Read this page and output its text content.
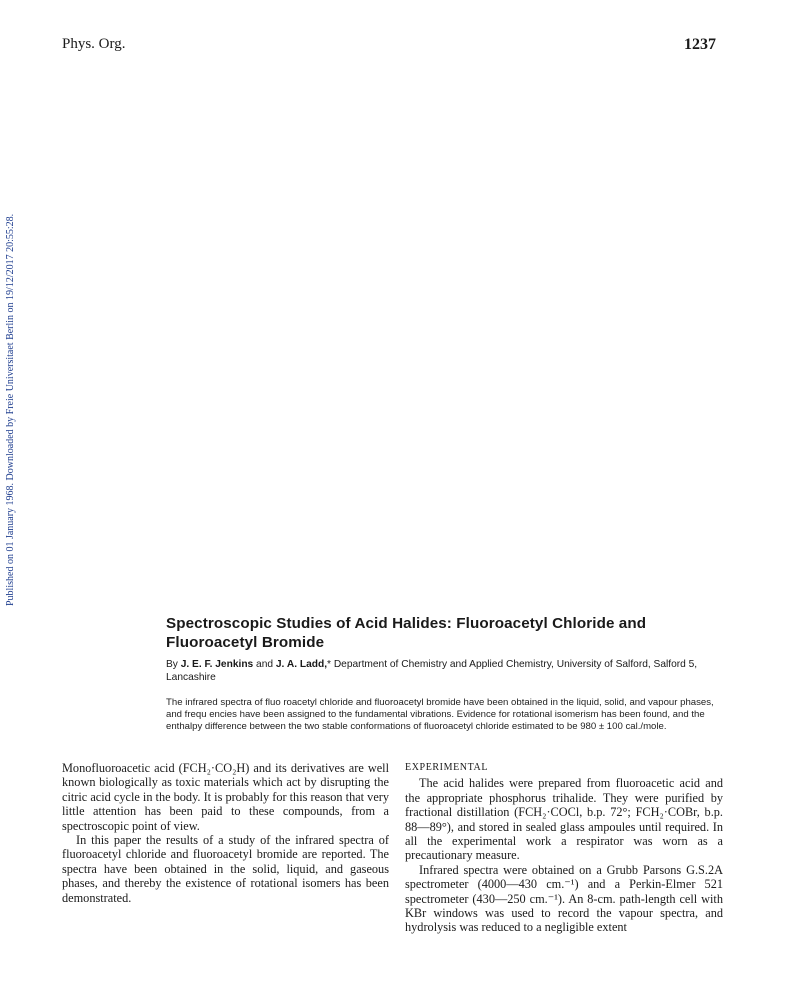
Phys. Org.	1237
Published on 01 January 1968. Downloaded by Freie Universitaet Berlin on 19/12/2017 20:55:28.
Spectroscopic Studies of Acid Halides: Fluoroacetyl Chloride and Fluoroacetyl Bromide
By J. E. F. Jenkins and J. A. Ladd,* Department of Chemistry and Applied Chemistry, University of Salford, Salford 5, Lancashire
The infrared spectra of fluo roacetyl chloride and fluoroacetyl bromide have been obtained in the liquid, solid, and vapour phases, and frequ encies have been assigned to the fundamental vibrations. Evidence for rotational isomerism has been found, and the enthalpy difference between the two stable conformations of fluoroacetyl chloride estimated to be 980 ± 100 cal./mole.

Monofluoroacetic acid (FCH₂·CO₂H) and its derivatives are well known biologically as toxic materials which act by disrupting the citric acid cycle in the body. It is probably for this reason that very little attention has been paid to these compounds, from a spectroscopic point of view.

In this paper the results of a study of the infrared spectra of fluoroacetyl chloride and fluoroacetyl bromide are reported. The spectra have been obtained in the solid, liquid, and gaseous phases, and thereby the existence of rotational isomers has been demonstrated.

EXPERIMENTAL

The acid halides were prepared from fluoroacetic acid and the appropriate phosphorus trihalide. They were purified by fractional distillation (FCH₂·COCl, b.p. 72°; FCH₂·COBr, b.p. 88—89°), and stored in sealed glass ampoules until required. In all the experimental work a respirator was worn as a precautionary measure.

Infrared spectra were obtained on a Grubb Parsons G.S.2A spectrometer (4000—430 cm.⁻¹) and a Perkin-Elmer 521 spectrometer (430—250 cm.⁻¹). An 8-cm. path-length cell with KBr windows was used to record the vapour spectra, and hydrolysis was reduced to a negligible extent
